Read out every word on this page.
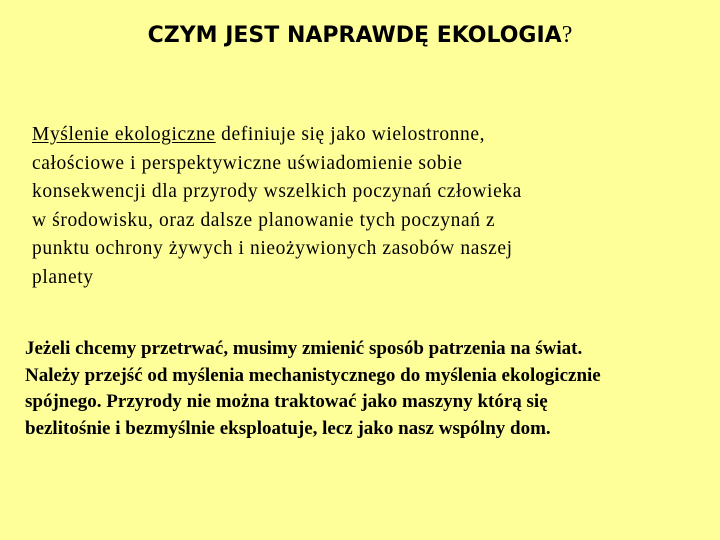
CZYM JEST NAPRAWDĘ EKOLOGIA?
Myślenie ekologiczne definiuje się jako wielostronne,
całościowe i perspektywiczne uświadomienie sobie
konsekwencji dla przyrody wszelkich poczynań człowieka
w środowisku, oraz dalsze planowanie tych poczynań z
punktu ochrony żywych i nieożywionych zasobów naszej
planety
Jeżeli chcemy przetrwać, musimy zmienić sposób patrzenia na świat.
Należy przejść od myślenia mechanistycznego do myślenia ekologicznie
spójnego. Przyrody nie można traktować jako maszyny którą się
bezlitośnie i bezmyślnie eksploatuje, lecz jako nasz wspólny dom.
